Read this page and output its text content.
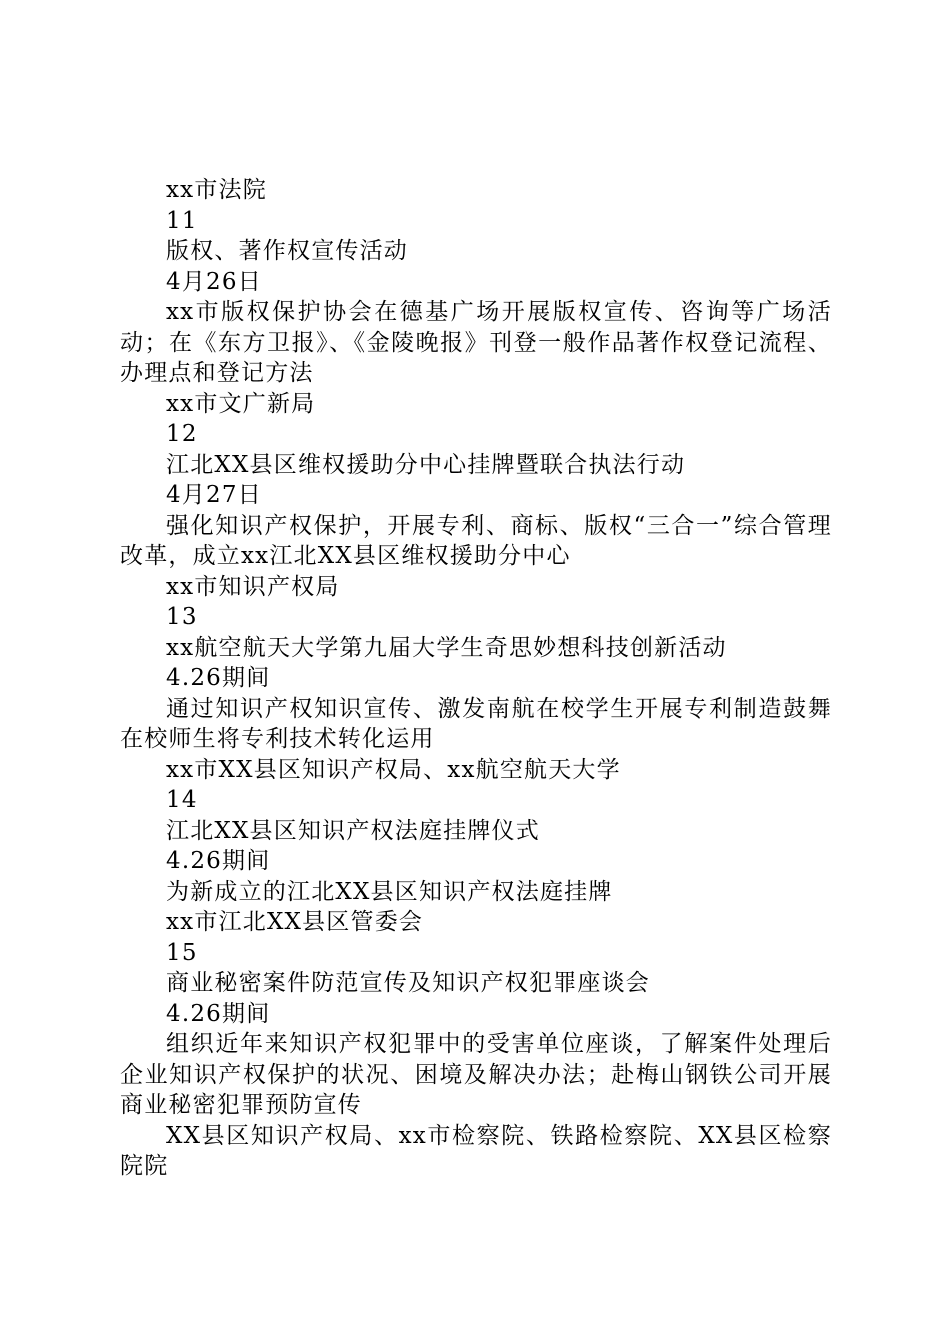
xx市法院

11

版权、著作权宣传活动

4月26日

xx市版权保护协会在德基广场开展版权宣传、咨询等广场活动；在《东方卫报》、《金陵晚报》刊登一般作品著作权登记流程、办理点和登记方法

xx市文广新局

12

江北XX县区维权援助分中心挂牌暨联合执法行动

4月27日

强化知识产权保护，开展专利、商标、版权“三合一”综合管理改革，成立xx江北XX县区维权援助分中心

xx市知识产权局

13

xx航空航天大学第九届大学生奇思妙想科技创新活动

4.26期间

通过知识产权知识宣传、激发南航在校学生开展专利制造鼓舞在校师生将专利技术转化运用

xx市XX县区知识产权局、xx航空航天大学

14

江北XX县区知识产权法庭挂牌仪式

4.26期间

为新成立的江北XX县区知识产权法庭挂牌

xx市江北XX县区管委会

15

商业秘密案件防范宣传及知识产权犯罪座谈会

4.26期间

组织近年来知识产权犯罪中的受害单位座谈，了解案件处理后企业知识产权保护的状况、困境及解决办法；赴梅山钢铁公司开展商业秘密犯罪预防宣传

XX县区知识产权局、xx市检察院、铁路检察院、XX县区检察院院
